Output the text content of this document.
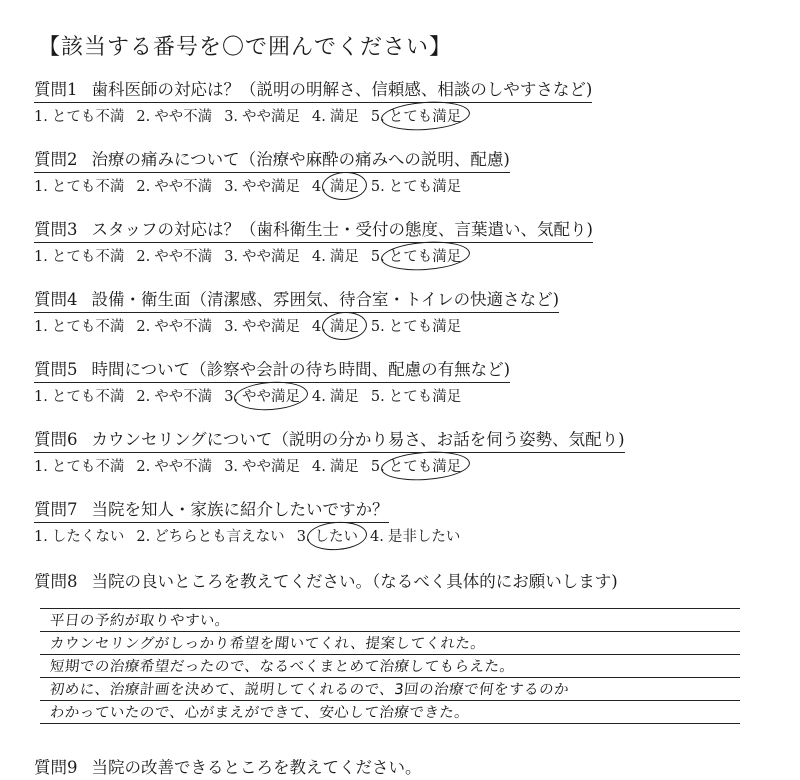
【該当する番号を〇で囲んでください】
質問1 歯科医師の対応は？（説明の明解さ、信頼感、相談のしやすさなど)
1. とても不満 2. やや不満 3. やや満足 4. 満足 5. とても満足
質問2 治療の痛みについて（治療や麻酔の痛みへの説明、配慮)
1. とても不満 2. やや不満 3. やや満足 4. 満足 5. とても満足
質問3 スタッフの対応は？（歯科衛生士・受付の態度、言葉遣い、気配り)
1. とても不満 2. やや不満 3. やや満足 4. 満足 5. とても満足
質問4 設備・衛生面（清潔感、雰囲気、待合室・トイレの快適さなど)
1. とても不満 2. やや不満 3. やや満足 4. 満足 5. とても満足
質問5 時間について（診察や会計の待ち時間、配慮の有無など)
1. とても不満 2. やや不満 3. やや満足 4. 満足 5. とても満足
質問6 カウンセリングについて（説明の分かり易さ、お話を伺う姿勢、気配り)
1. とても不満 2. やや不満 3. やや満足 4. 満足 5. とても満足
質問7 当院を知人・家族に紹介したいですか？
1. したくない 2. どちらとも言えない 3. したい 4. 是非したい
質問8 当院の良いところを教えてください。（なるべく具体的にお願いします)
平日の予約が取りやすい。
カウンセリングがしっかり希望を聞いてくれ、提案してくれた。
短期での治療希望だったので、なるべくまとめて治療してもらえた。
初めに、治療計画を決めて、説明してくれるので、3回の治療で何をするのか
わかっていたので、心がまえができて、安心して治療できた。
質問9 当院の改善できるところを教えてください。
